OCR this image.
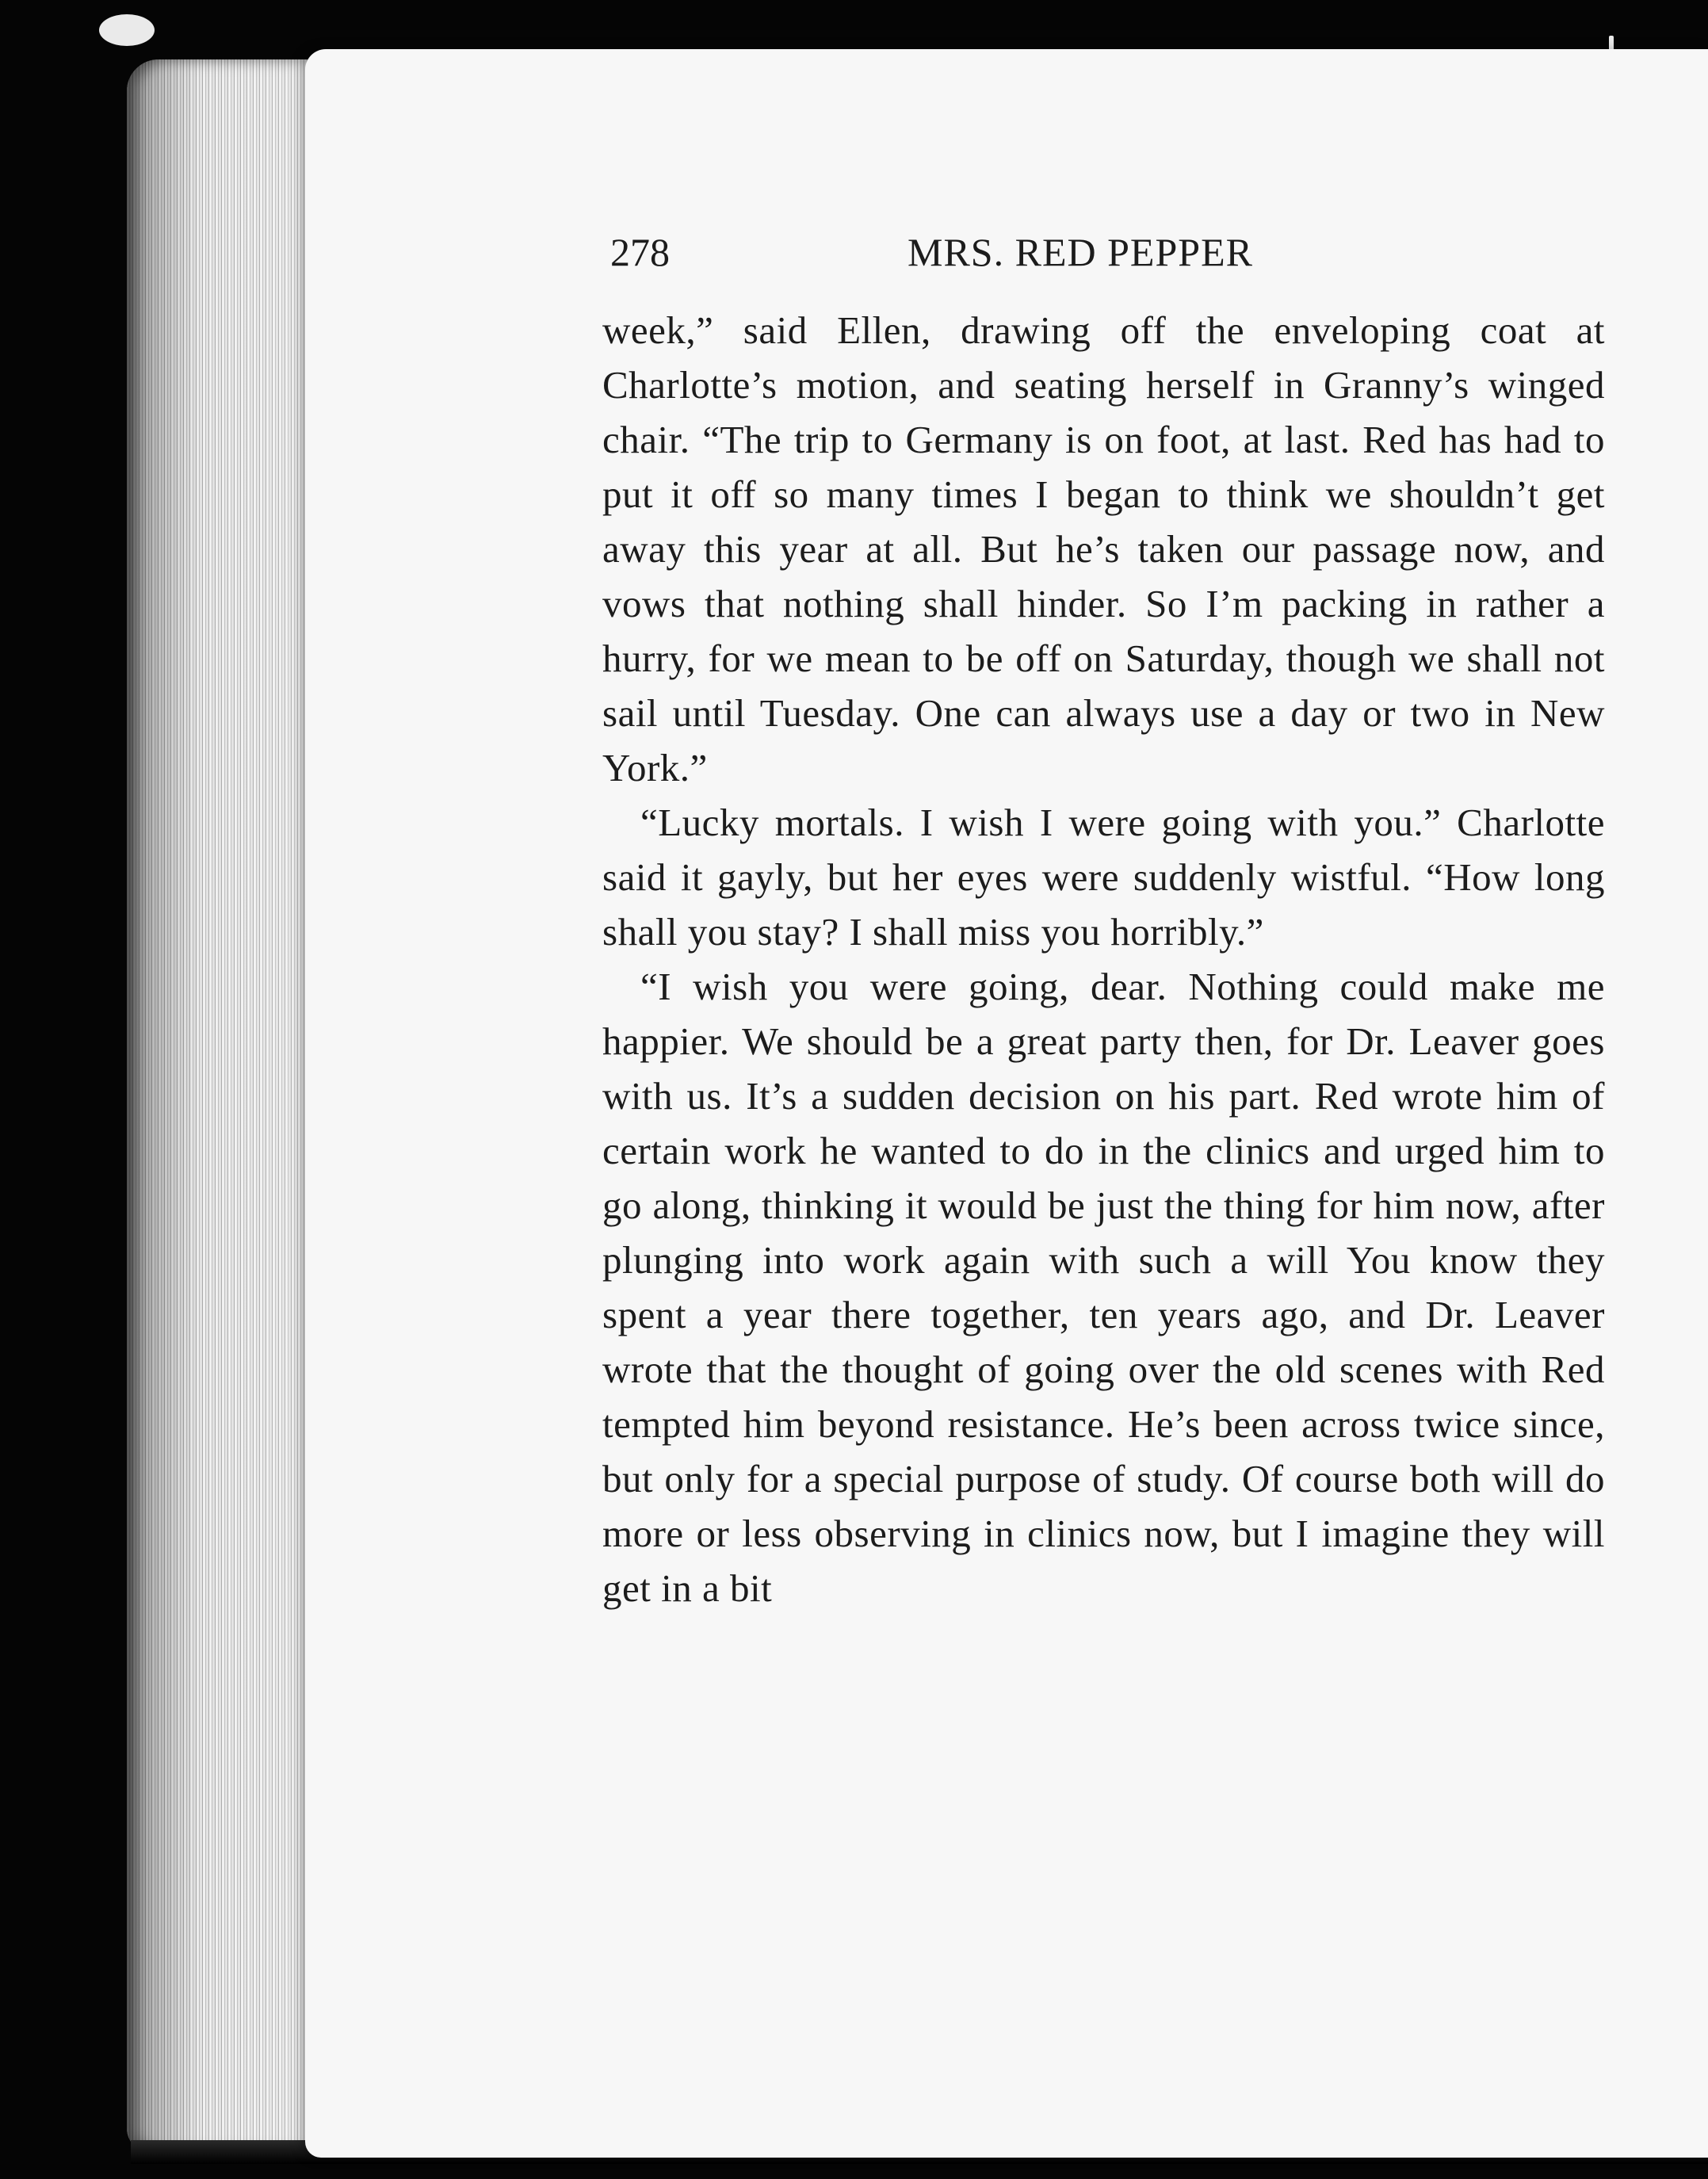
278	MRS. RED PEPPER

week,” said Ellen, drawing off the enveloping coat at Charlotte’s motion, and seating herself in Granny’s winged chair. “The trip to Germany is on foot, at last. Red has had to put it off so many times I began to think we shouldn’t get away this year at all. But he’s taken our passage now, and vows that nothing shall hinder. So I’m packing in rather a hurry, for we mean to be off on Saturday, though we shall not sail until Tuesday. One can always use a day or two in New York.”

“Lucky mortals. I wish I were going with you.” Charlotte said it gayly, but her eyes were suddenly wistful. “How long shall you stay? I shall miss you horribly.”

“I wish you were going, dear. Nothing could make me happier. We should be a great party then, for Dr. Leaver goes with us. It’s a sudden decision on his part. Red wrote him of certain work he wanted to do in the clinics and urged him to go along, thinking it would be just the thing for him now, after plunging into work again with such a will You know they spent a year there together, ten years ago, and Dr. Leaver wrote that the thought of going over the old scenes with Red tempted him beyond resistance. He’s been across twice since, but only for a special purpose of study. Of course both will do more or less observing in clinics now, but I imagine they will get in a bit
